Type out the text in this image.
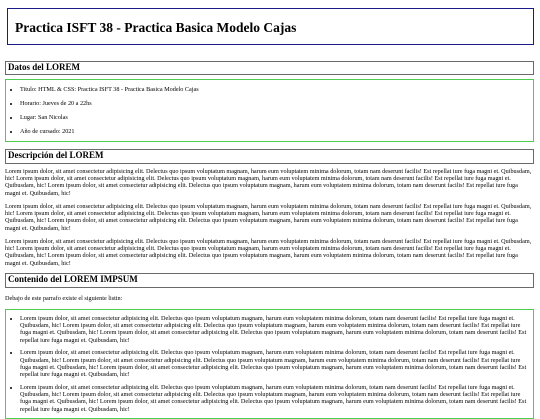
Practica ISFT 38 - Practica Basica Modelo Cajas
Datos del LOREM
• Titulo: HTML & CSS: Practica ISFT 38 - Practica Basica Modelo Cajas
• Horario: Jueves de 20 a 22hs
• Lugar: San Nicolas
• Año de cursado: 2021
Descripción del LOREM

Lorem ipsum dolor, sit amet consectetur adipisicing elit. Delectus quo ipsum voluptatum magnam, harum eum voluptatem minima dolorum, totam nam deserunt facilis! Est repellat iure fuga magni et. Quibusdam, hic! Lorem ipsum dolor, sit amet consectetur adipisicing elit. Delectus quo ipsum voluptatum magnam, harum eum voluptatem minima dolorum, totam nam deserunt facilis! Est repellat iure fuga magni et. Quibusdam, hic! Lorem ipsum dolor, sit amet consectetur adipisicing elit. Delectus quo ipsum voluptatum magnam, harum eum voluptatem minima dolorum, totam nam deserunt facilis! Est repellat iure fuga magni et. Quibusdam, hic!

Lorem ipsum dolor, sit amet consectetur adipisicing elit. Delectus quo ipsum voluptatum magnam, harum eum voluptatem minima dolorum, totam nam deserunt facilis! Est repellat iure fuga magni et. Quibusdam, hic! Lorem ipsum dolor, sit amet consectetur adipisicing elit. Delectus quo ipsum voluptatum magnam, harum eum voluptatem minima dolorum, totam nam deserunt facilis! Est repellat iure fuga magni et. Quibusdam, hic! Lorem ipsum dolor, sit amet consectetur adipisicing elit. Delectus quo ipsum voluptatum magnam, harum eum voluptatem minima dolorum, totam nam deserunt facilis! Est repellat iure fuga magni et. Quibusdam, hic!

Lorem ipsum dolor, sit amet consectetur adipisicing elit. Delectus quo ipsum voluptatum magnam, harum eum voluptatem minima dolorum, totam nam deserunt facilis! Est repellat iure fuga magni et. Quibusdam, hic! Lorem ipsum dolor, sit amet consectetur adipisicing elit. Delectus quo ipsum voluptatum magnam, harum eum voluptatem minima dolorum, totam nam deserunt facilis! Est repellat iure fuga magni et. Quibusdam, hic! Lorem ipsum dolor, sit amet consectetur adipisicing elit. Delectus quo ipsum voluptatum magnam, harum eum voluptatem minima dolorum, totam nam deserunt facilis! Est repellat iure fuga magni et. Quibusdam, hic!

Contenido del LOREM IMPSUM

Debajo de este parrafo existe el siguiente listin:

• Lorem ipsum dolor, sit amet consectetur adipisicing elit. Delectus quo ipsum voluptatum magnam, harum eum voluptatem minima dolorum, totam nam deserunt facilis! Est repellat iure fuga magni et. Quibusdam, hic! Lorem ipsum dolor, sit amet consectetur adipisicing elit. Delectus quo ipsum voluptatum magnam, harum eum voluptatem minima dolorum, totam nam deserunt facilis! Est repellat iure fuga magni et. Quibusdam, hic! Lorem ipsum dolor, sit amet consectetur adipisicing elit. Delectus quo ipsum voluptatum magnam, harum eum voluptatem minima dolorum, totam nam deserunt facilis! Est repellat iure fuga magni et. Quibusdam, hic!
• Lorem ipsum dolor, sit amet consectetur adipisicing elit. Delectus quo ipsum voluptatum magnam, harum eum voluptatem minima dolorum, totam nam deserunt facilis! Est repellat iure fuga magni et. Quibusdam, hic! Lorem ipsum dolor, sit amet consectetur adipisicing elit. Delectus quo ipsum voluptatum magnam, harum eum voluptatem minima dolorum, totam nam deserunt facilis! Est repellat iure fuga magni et. Quibusdam, hic! Lorem ipsum dolor, sit amet consectetur adipisicing elit. Delectus quo ipsum voluptatum magnam, harum eum voluptatem minima dolorum, totam nam deserunt facilis! Est repellat iure fuga magni et. Quibusdam, hic!
• Lorem ipsum dolor, sit amet consectetur adipisicing elit. Delectus quo ipsum voluptatum magnam, harum eum voluptatem minima dolorum, totam nam deserunt facilis! Est repellat iure fuga magni et. Quibusdam, hic! Lorem ipsum dolor, sit amet consectetur adipisicing elit. Delectus quo ipsum voluptatum magnam, harum eum voluptatem minima dolorum, totam nam deserunt facilis! Est repellat iure fuga magni et. Quibusdam, hic! Lorem ipsum dolor, sit amet consectetur adipisicing elit. Delectus quo ipsum voluptatum magnam, harum eum voluptatem minima dolorum, totam nam deserunt facilis! Est repellat iure fuga magni et. Quibusdam, hic!
